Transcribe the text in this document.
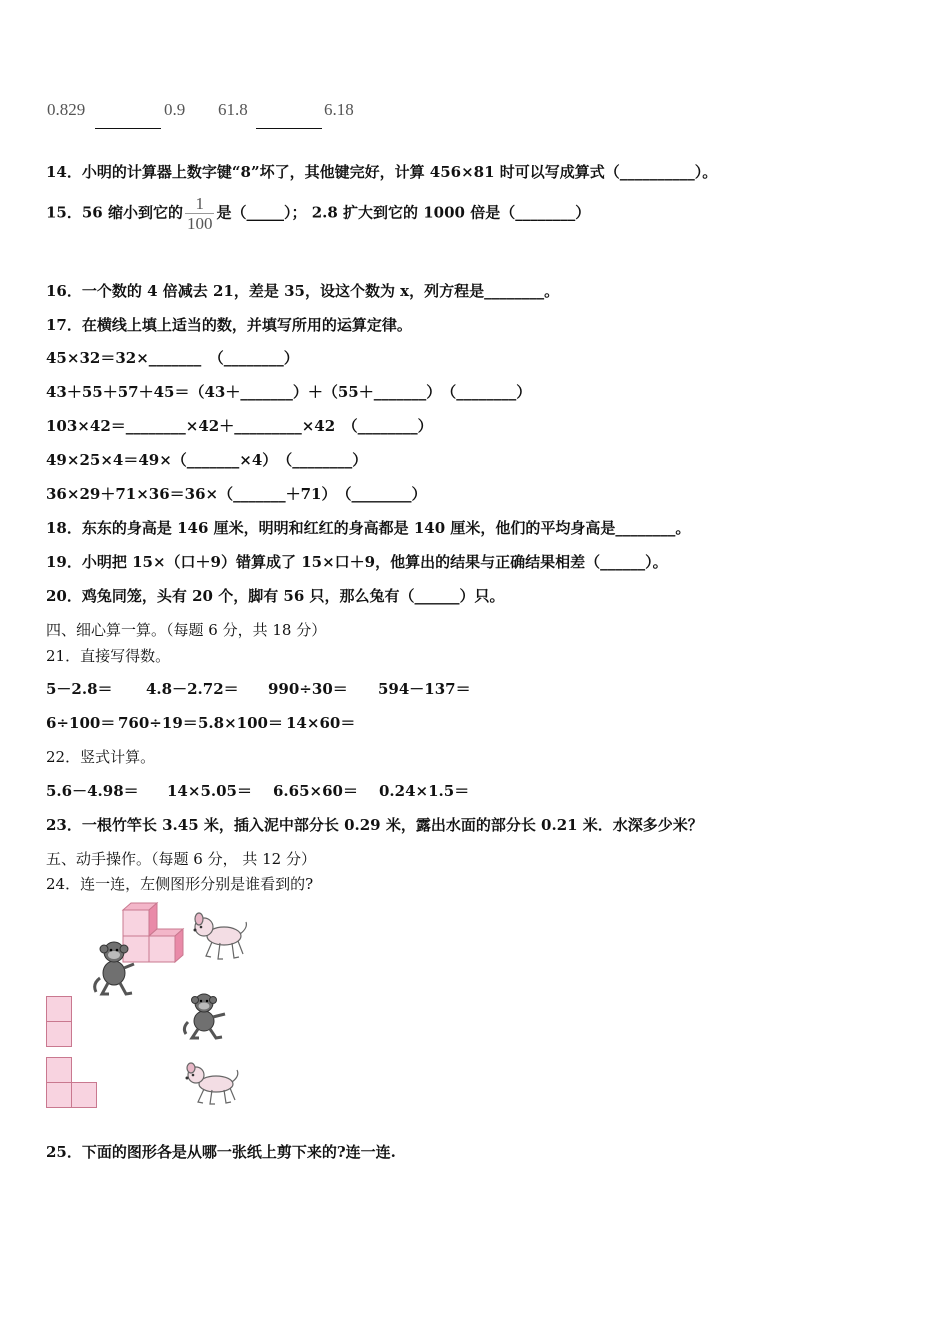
0.829	0.9 61.8	6.18
14．小明的计算器上数字键“8”坏了，其他键完好，计算 456×81 时可以写成算式（__________）。
15．56 缩小到它的 $\frac{1}{100}$ 是（_____）； 2.8 扩大到它的 1000 倍是（________）
16．一个数的 4 倍减去 21，差是 35，设这个数为 x，列方程是________。
17．在横线上填上适当的数，并填写所用的运算定律。
45×32＝32×_______　（________）
43＋55＋57＋45＝（43＋_______）＋（55＋_______）　（________）
103×42＝________×42＋_________×42　（________）
49×25×4＝49×（_______×4）　（________）
36×29＋71×36＝36×（_______＋71）　（________）
18．东东的身高是 146 厘米，明明和红红的身高都是 140 厘米，他们的平均身高是________。
19．小明把 15×（口＋9）错算成了 15×口＋9，他算出的结果与正确结果相差（______）。
20．鸡兔同笼，头有 20 个，脚有 56 只，那么兔有（______）只。
四、细心算一算。（每题 6 分，共 18 分）
21．直接写得数。
5－2.8＝ 4.8－2.72＝ 990÷30＝ 594－137＝
6÷100＝ 760÷19＝ 5.8×100＝ 14×60＝
22．竖式计算。
5.6－4.98＝ 14×5.05＝ 6.65×60＝ 0.24×1.5＝
23．一根竹竿长 3.45 米，插入泥中部分长 0.29 米，露出水面的部分长 0.21 米．水深多少米？
五、动手操作。（每题 6 分， 共 12 分）
24．连一连，左侧图形分别是谁看到的?
25．下面的图形各是从哪一张纸上剪下来的?连一连.
